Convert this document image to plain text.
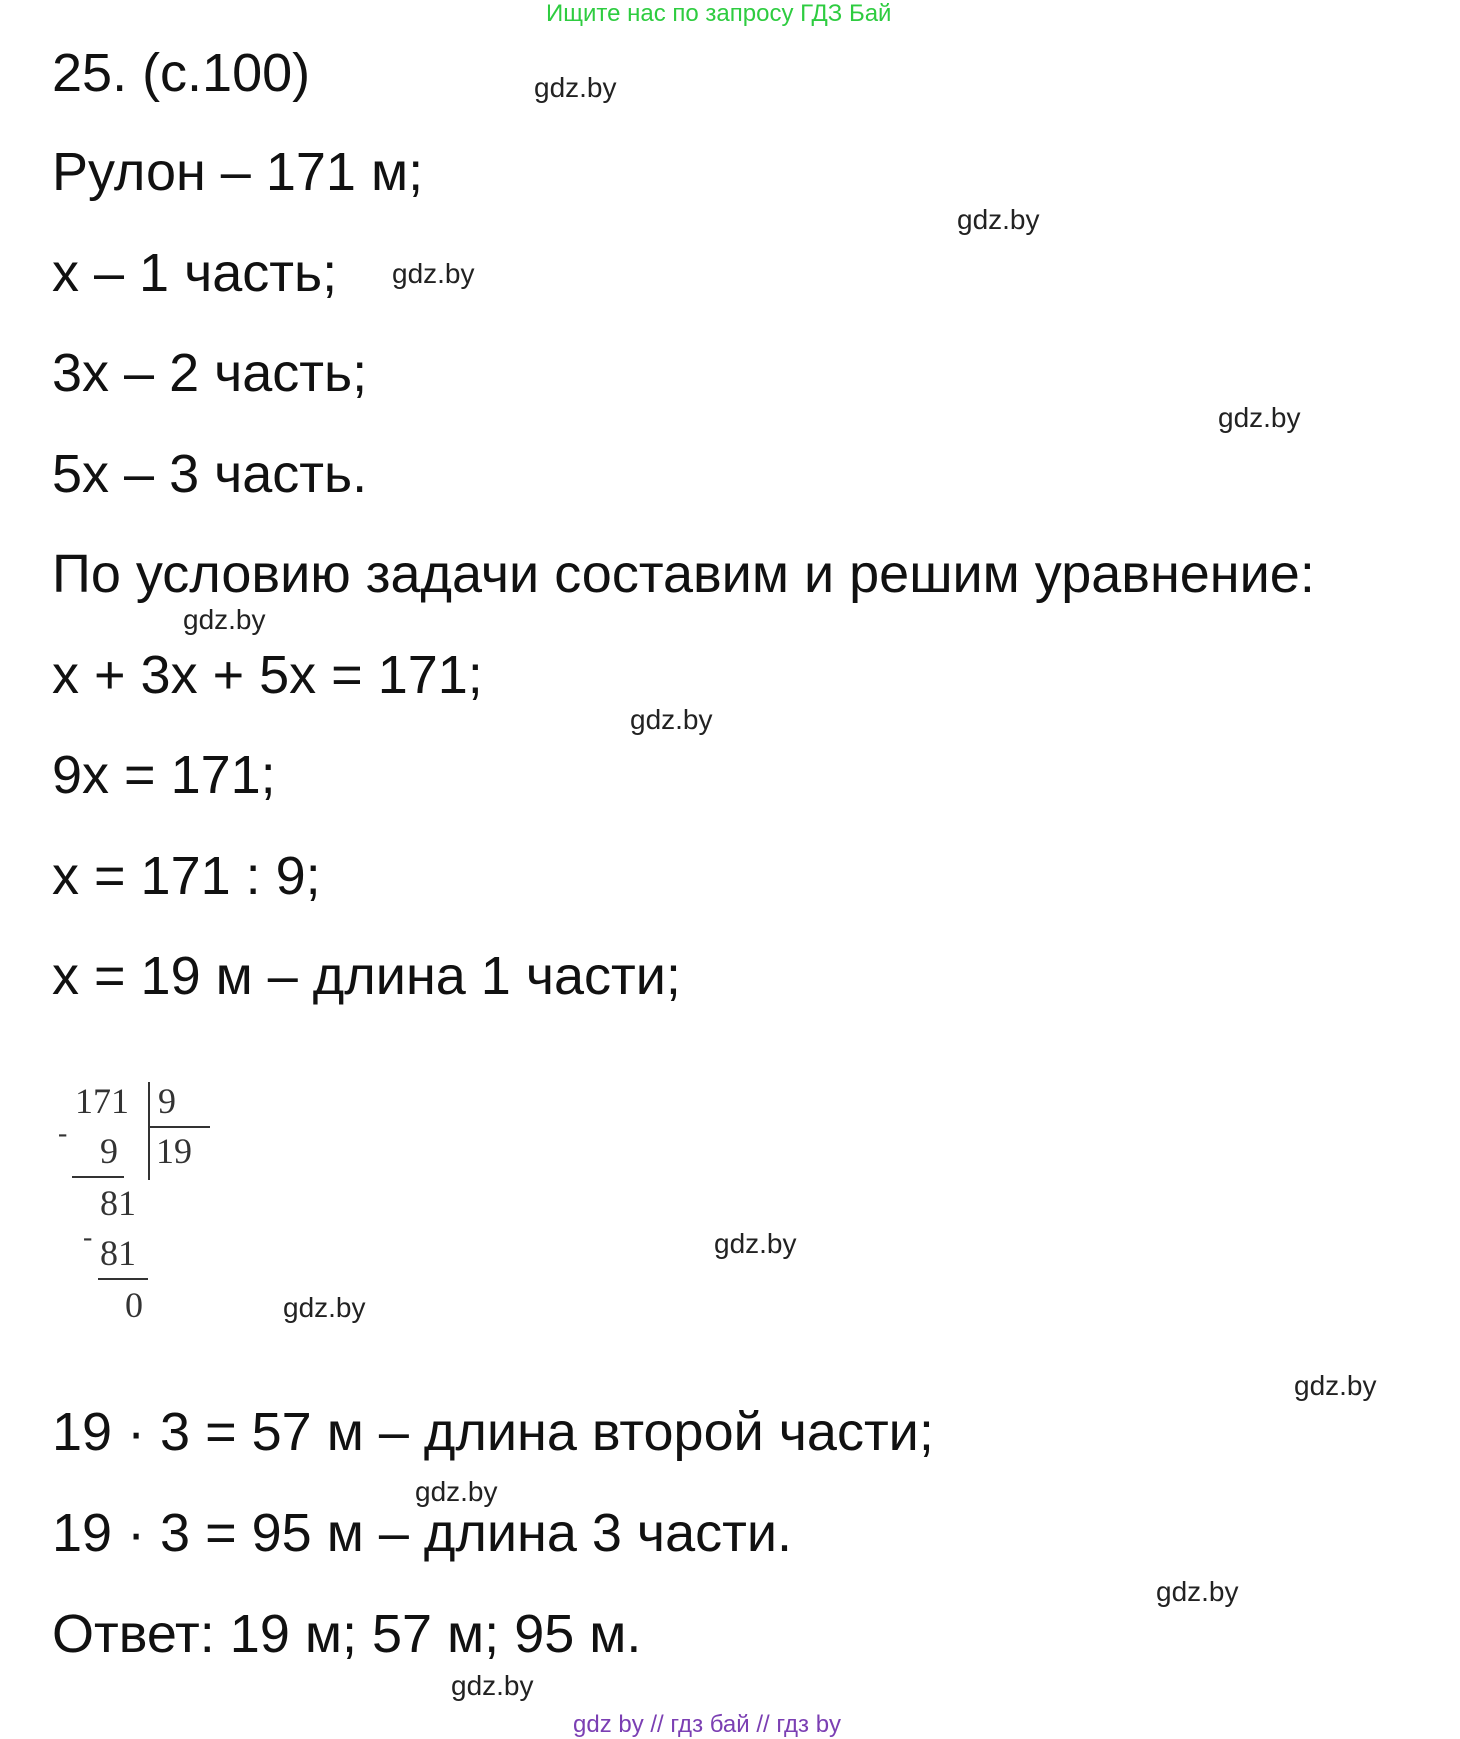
Ищите нас по запросу ГДЗ Бай
25. (с.100)
Рулон – 171 м;
х – 1 часть;
3х – 2 часть;
5х – 3 часть.
По условию задачи составим и решим уравнение:
х + 3х + 5х = 171;
9х = 171;
х = 171 : 9;
х = 19 м – длина 1 части;
171 9
19
- 9
81
- 81
0
19 · 3 = 57 м – длина второй части;
19 · 3 = 95 м – длина 3 части.
Ответ: 19 м; 57 м; 95 м.
gdz.by
gdz.by
gdz.by
gdz.by
gdz.by
gdz.by
gdz.by
gdz.by
gdz.by
gdz.by
gdz.by
gdz.by
gdz by // гдз бай // гдз by
